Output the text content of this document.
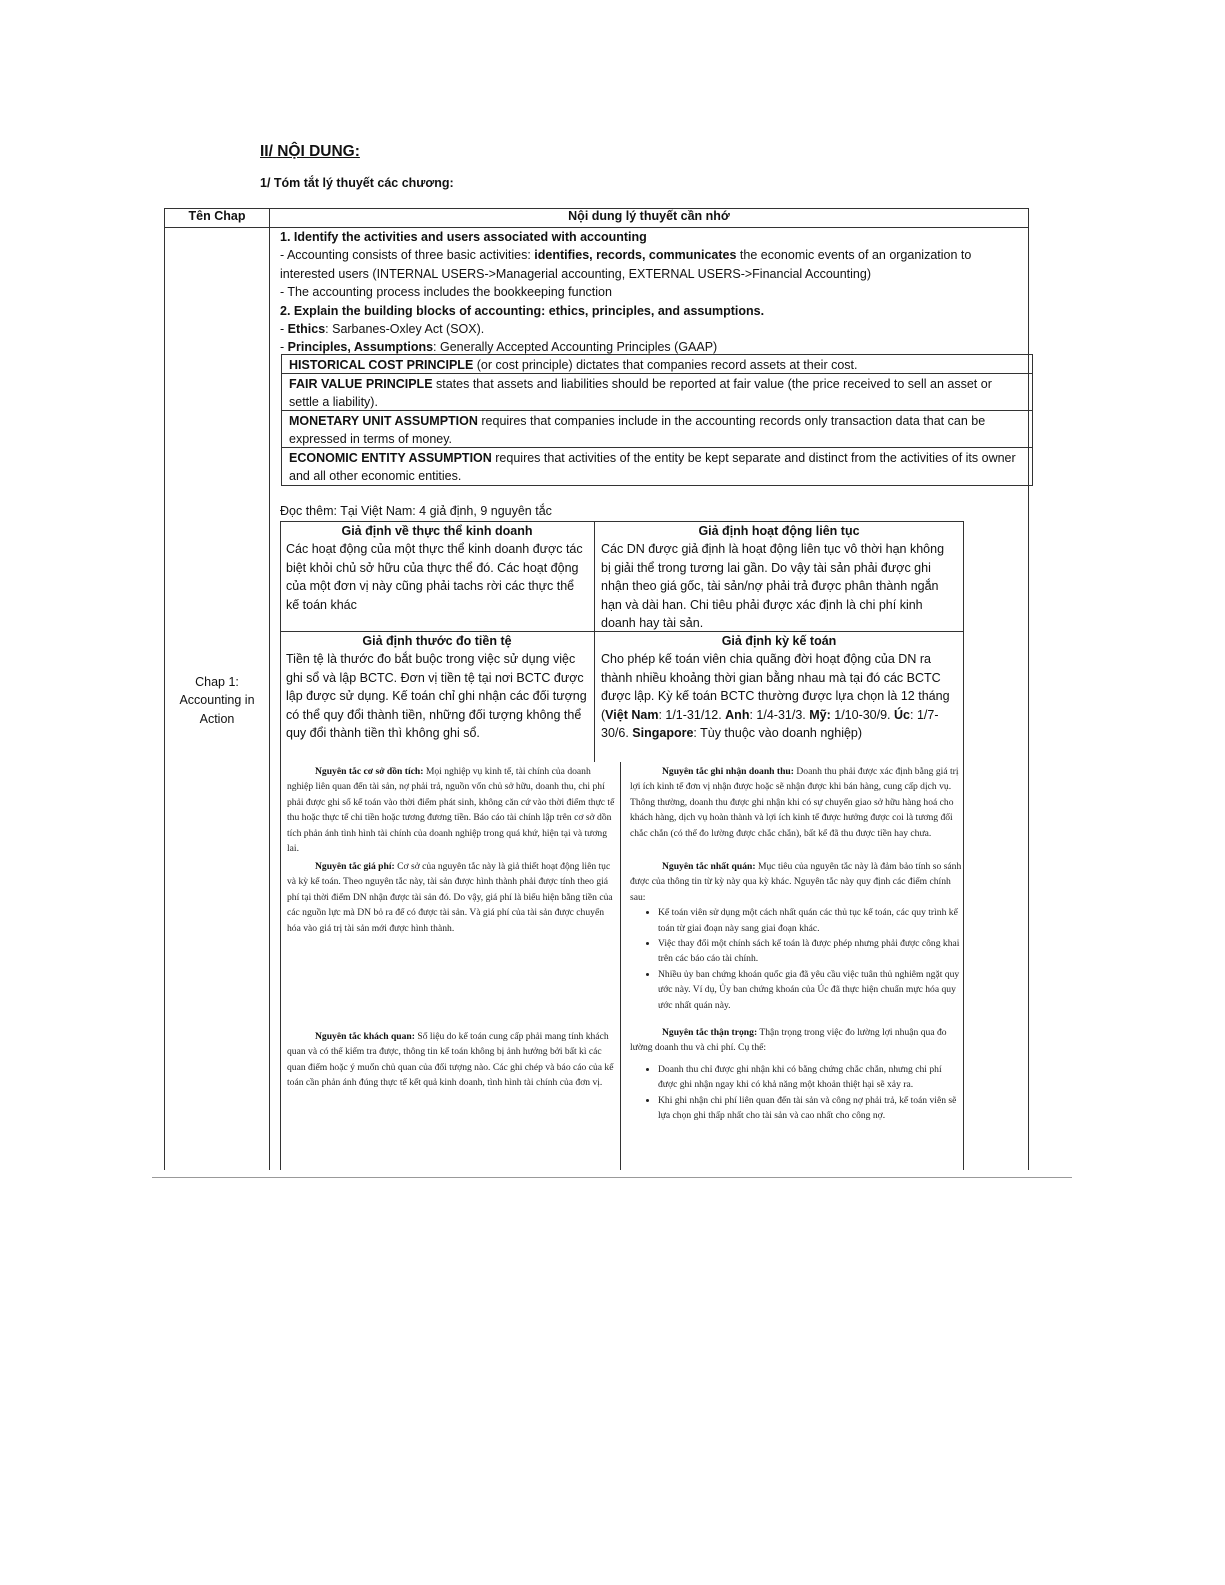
II/ NỘI DUNG:
1/ Tóm tắt lý thuyết các chương:
Tên Chap	Nội dung lý thuyết cần nhớ
Chap 1: Accounting in Action

1. Identify the activities and users associated with accounting

- Accounting consists of three basic activities: identifies, records, communicates the economic events of an organization to interested users (INTERNAL USERS->Managerial accounting, EXTERNAL USERS->Financial Accounting)

- The accounting process includes the bookkeeping function

2. Explain the building blocks of accounting: ethics, principles, and assumptions.

- Ethics: Sarbanes-Oxley Act (SOX).

- Principles, Assumptions: Generally Accepted Accounting Principles (GAAP)

HISTORICAL COST PRINCIPLE (or cost principle) dictates that companies record assets at their cost.
FAIR VALUE PRINCIPLE states that assets and liabilities should be reported at fair value (the price received to sell an asset or settle a liability).
MONETARY UNIT ASSUMPTION requires that companies include in the accounting records only transaction data that can be expressed in terms of money.
ECONOMIC ENTITY ASSUMPTION requires that activities of the entity be kept separate and distinct from the activities of its owner and all other economic entities.
Đọc thêm: Tại Việt Nam: 4 giả định, 9 nguyên tắc

Giả định về thực thể kinh doanh

Các hoạt động của một thực thể kinh doanh được tác biệt khỏi chủ sở hữu của thực thể đó. Các hoạt động của một đơn vị này cũng phải tachs rời các thực thể kế toán khác

Giả định hoạt động liên tục

Các DN được giả định là hoạt động liên tục vô thời hạn không bị giải thể trong tương lai gần. Do vậy tài sản phải được ghi nhận theo giá gốc, tài sản/nợ phải trả được phân thành ngắn hạn và dài han. Chi tiêu phải được xác định là chi phí kinh doanh hay tài sản.

Giả định thước đo tiền tệ

Tiền tệ là thước đo bắt buộc trong việc sử dụng việc ghi sổ và lập BCTC. Đơn vị tiền tệ tại nơi BCTC được lập được sử dụng. Kế toán chỉ ghi nhận các đối tượng có thể quy đổi thành tiền, những đối tượng không thể quy đổi thành tiền thì không ghi sổ.

Giả định kỳ kế toán

Cho phép kế toán viên chia quãng đời hoạt động của DN ra thành nhiều khoảng thời gian bằng nhau mà tại đó các BCTC được lập. Kỳ kế toán BCTC thường được lựa chọn là 12 tháng

(Việt Nam: 1/1-31/12. Anh: 1/4-31/3. Mỹ: 1/10-30/9. Úc: 1/7-30/6. Singapore: Tùy thuộc vào doanh nghiệp)

Nguyên tắc cơ sở dồn tích: Mọi nghiệp vụ kinh tế, tài chính của doanh nghiệp liên quan đến tài sản, nợ phải trả, nguồn vốn chủ sở hữu, doanh thu, chi phí phải được ghi sổ kế toán vào thời điểm phát sinh, không căn cứ vào thời điểm thực tế thu hoặc thực tế chi tiền hoặc tương đương tiền. Báo cáo tài chính lập trên cơ sở dồn tích phản ánh tình hình tài chính của doanh nghiệp trong quá khứ, hiện tại và tương lai.

Nguyên tắc ghi nhận doanh thu: Doanh thu phải được xác định bằng giá trị lợi ích kinh tế đơn vị nhận được hoặc sẽ nhận được khi bán hàng, cung cấp dịch vụ. Thông thường, doanh thu được ghi nhận khi có sự chuyển giao sở hữu hàng hoá cho khách hàng, dịch vụ hoàn thành và lợi ích kinh tế được hưởng được coi là tương đối chắc chắn (có thể đo lường được chắc chắn), bất kể đã thu được tiền hay chưa.

Nguyên tắc giá phí: Cơ sở của nguyên tắc này là giả thiết hoạt động liên tục và kỳ kế toán. Theo nguyên tắc này, tài sản được hình thành phải được tính theo giá phí tại thời điểm DN nhận được tài sản đó. Do vậy, giá phí là biểu hiện bằng tiền của các nguồn lực mà DN bỏ ra để có được tài sản. Và giá phí của tài sản được chuyển hóa vào giá trị tài sản mới được hình thành.

Nguyên tắc nhất quán: Mục tiêu của nguyên tắc này là đảm bảo tính so sánh được của thông tin từ kỳ này qua kỳ khác. Nguyên tắc này quy định các điểm chính sau:

• Kế toán viên sử dụng một cách nhất quán các thủ tục kế toán, các quy trình kế toán từ giai đoạn này sang giai đoạn khác.
• Việc thay đổi một chính sách kế toán là được phép nhưng phải được công khai trên các báo cáo tài chính.
• Nhiều ủy ban chứng khoán quốc gia đã yêu cầu việc tuân thủ nghiêm ngặt quy ước này. Ví dụ, Ủy ban chứng khoán của Úc đã thực hiện chuẩn mực hóa quy ước nhất quán này.

Nguyên tắc khách quan: Số liệu do kế toán cung cấp phải mang tính khách quan và có thể kiểm tra được, thông tin kế toán không bị ảnh hưởng bởi bất kì các quan điểm hoặc ý muốn chủ quan của đối tượng nào. Các ghi chép và báo cáo của kế toán cần phản ánh đúng thực tế kết quả kinh doanh, tình hình tài chính của đơn vị.

Nguyên tắc thận trọng: Thận trọng trong việc đo lường lợi nhuận qua đo lường doanh thu và chi phí. Cụ thể:

• Doanh thu chỉ được ghi nhận khi có bằng chứng chắc chắn, nhưng chi phí được ghi nhận ngay khi có khả năng một khoản thiệt hại sẽ xảy ra.
• Khi ghi nhận chi phí liên quan đến tài sản và công nợ phải trả, kế toán viên sẽ lựa chọn ghi thấp nhất cho tài sản và cao nhất cho công nợ.
